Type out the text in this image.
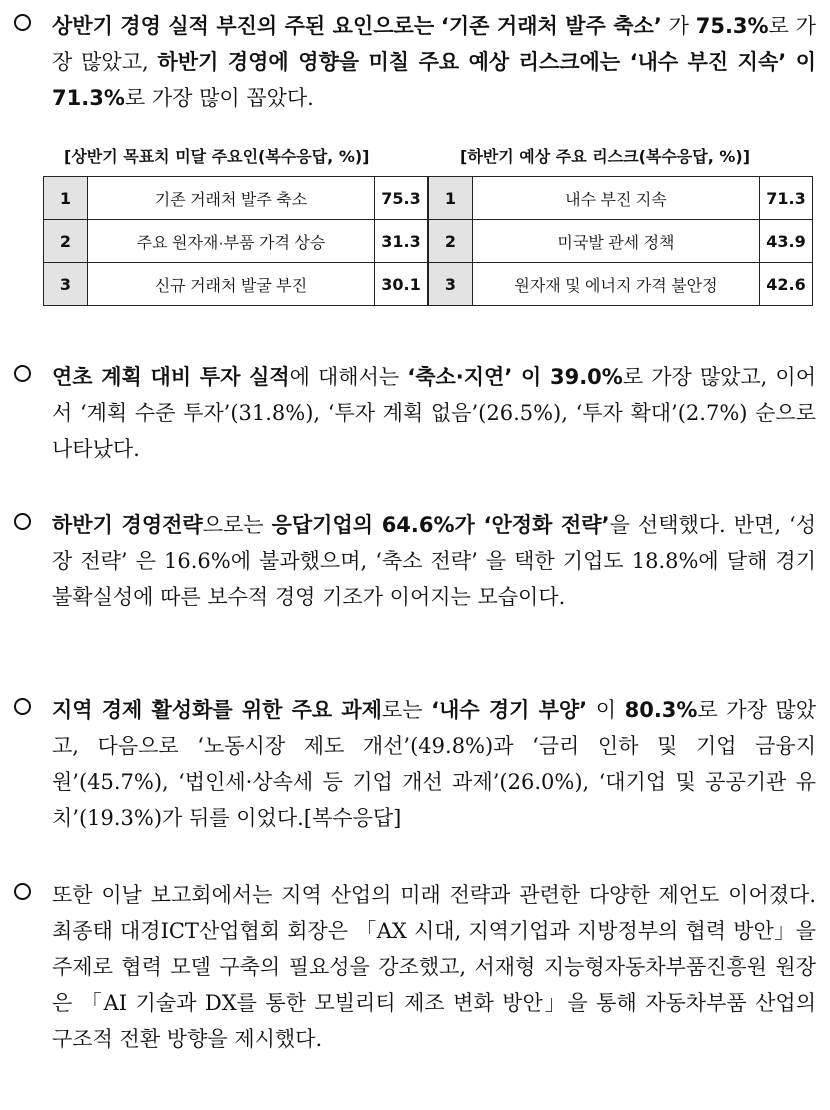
상반기 경영 실적 부진의 주된 요인으로는 ‘기존 거래처 발주 축소’ 가 75.3%로 가장 많았고, 하반기 경영에 영향을 미칠 주요 예상 리스크에는 ‘내수 부진 지속’ 이 71.3%로 가장 많이 꼽았다.
[상반기 목표치 미달 주요인(복수응답, %)]	[하반기 예상 주요 리스크(복수응답, %)]
1	기존 거래처 발주 축소	75.3
2	주요 원자재·부품 가격 상승	31.3
3	신규 거래처 발굴 부진	30.1
1	내수 부진 지속	71.3
2	미국발 관세 정책	43.9
3	원자재 및 에너지 가격 불안정	42.6
연초 계획 대비 투자 실적에 대해서는 ‘축소·지연’ 이 39.0%로 가장 많았고, 이어서 ‘계획 수준 투자’(31.8%), ‘투자 계획 없음’(26.5%), ‘투자 확대’(2.7%) 순으로 나타났다.
하반기 경영전략으로는 응답기업의 64.6%가 ‘안정화 전략’을 선택했다. 반면, ‘성장 전략’ 은 16.6%에 불과했으며, ‘축소 전략’ 을 택한 기업도 18.8%에 달해 경기 불확실성에 따른 보수적 경영 기조가 이어지는 모습이다.
지역 경제 활성화를 위한 주요 과제로는 ‘내수 경기 부양’ 이 80.3%로 가장 많았고, 다음으로 ‘노동시장 제도 개선’(49.8%)과 ‘금리 인하 및 기업 금융지원’(45.7%), ‘법인세·상속세 등 기업 개선 과제’(26.0%), ‘대기업 및 공공기관 유치’(19.3%)가 뒤를 이었다.[복수응답]
또한 이날 보고회에서는 지역 산업의 미래 전략과 관련한 다양한 제언도 이어졌다. 최종태 대경ICT산업협회 회장은 「AX 시대, 지역기업과 지방정부의 협력 방안」을 주제로 협력 모델 구축의 필요성을 강조했고, 서재형 지능형자동차부품진흥원 원장은 「AI 기술과 DX를 통한 모빌리티 제조 변화 방안」을 통해 자동차부품 산업의 구조적 전환 방향을 제시했다.
